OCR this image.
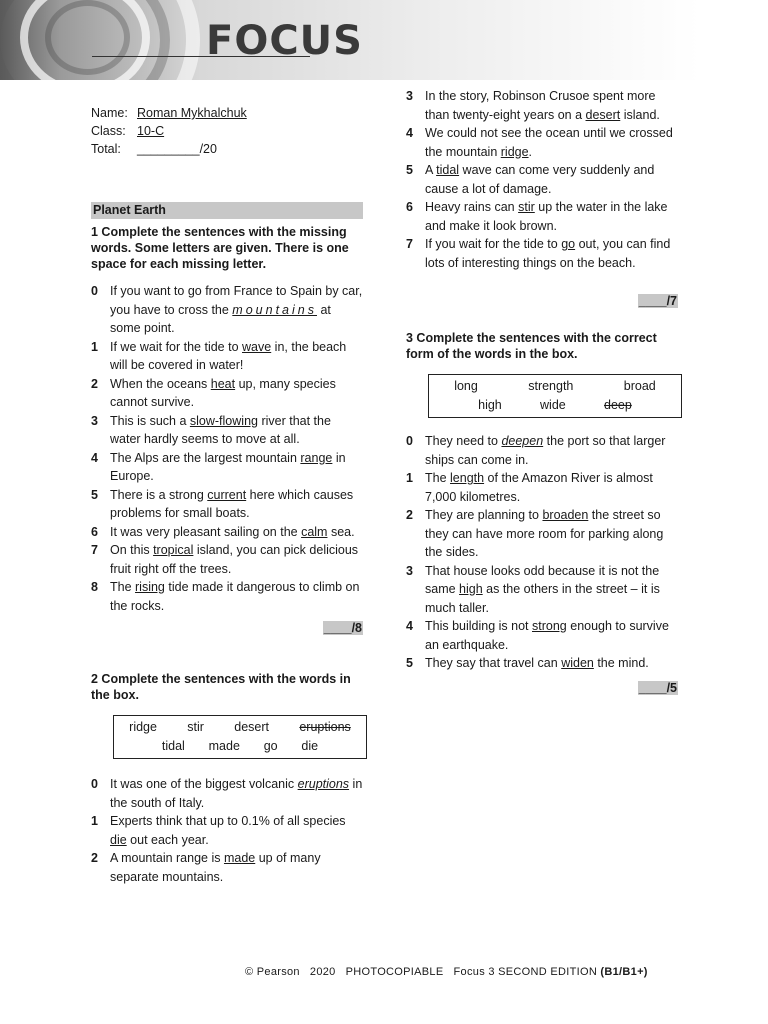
FOCUS
Name: Roman Mykhalchuk
Class: 10-C
Total:	_________/20
Planet Earth
1 Complete the sentences with the missing words. Some letters are given. There is one space for each missing letter.
0 If you want to go from France to Spain by car, you have to cross the mountains at some point.
1 If we wait for the tide to wave in, the beach will be covered in water!
2 When the oceans heat up, many species cannot survive.
3 This is such a slow-flowing river that the water hardly seems to move at all.
4 The Alps are the largest mountain range in Europe.
5 There is a strong current here which causes problems for small boats.
6 It was very pleasant sailing on the calm sea.
7 On this tropical island, you can pick delicious fruit right off the trees.
8 The rising tide made it dangerous to climb on the rocks.
____/8
2 Complete the sentences with the words in the box.
ridge stir desert eruptions
tidal made go die
0 It was one of the biggest volcanic eruptions in the south of Italy.
1 Experts think that up to 0.1% of all species die out each year.
2 A mountain range is made up of many separate mountains.
3 In the story, Robinson Crusoe spent more than twenty-eight years on a desert island.
4 We could not see the ocean until we crossed the mountain ridge.
5 A tidal wave can come very suddenly and cause a lot of damage.
6 Heavy rains can stir up the water in the lake and make it look brown.
7 If you wait for the tide to go out, you can find lots of interesting things on the beach.
____/7
3 Complete the sentences with the correct form of the words in the box.
long	strength	broad
high	wide	deep
0 They need to deepen the port so that larger ships can come in.
1 The length of the Amazon River is almost 7,000 kilometres.
2 They are planning to broaden the street so they can have more room for parking along the sides.
3 That house looks odd because it is not the same high as the others in the street – it is much taller.
4 This building is not strong enough to survive an earthquake.
5 They say that travel can widen the mind.
____/5
© Pearson   2020   PHOTOCOPIABLE   Focus 3 SECOND EDITION (B1/B1+)
